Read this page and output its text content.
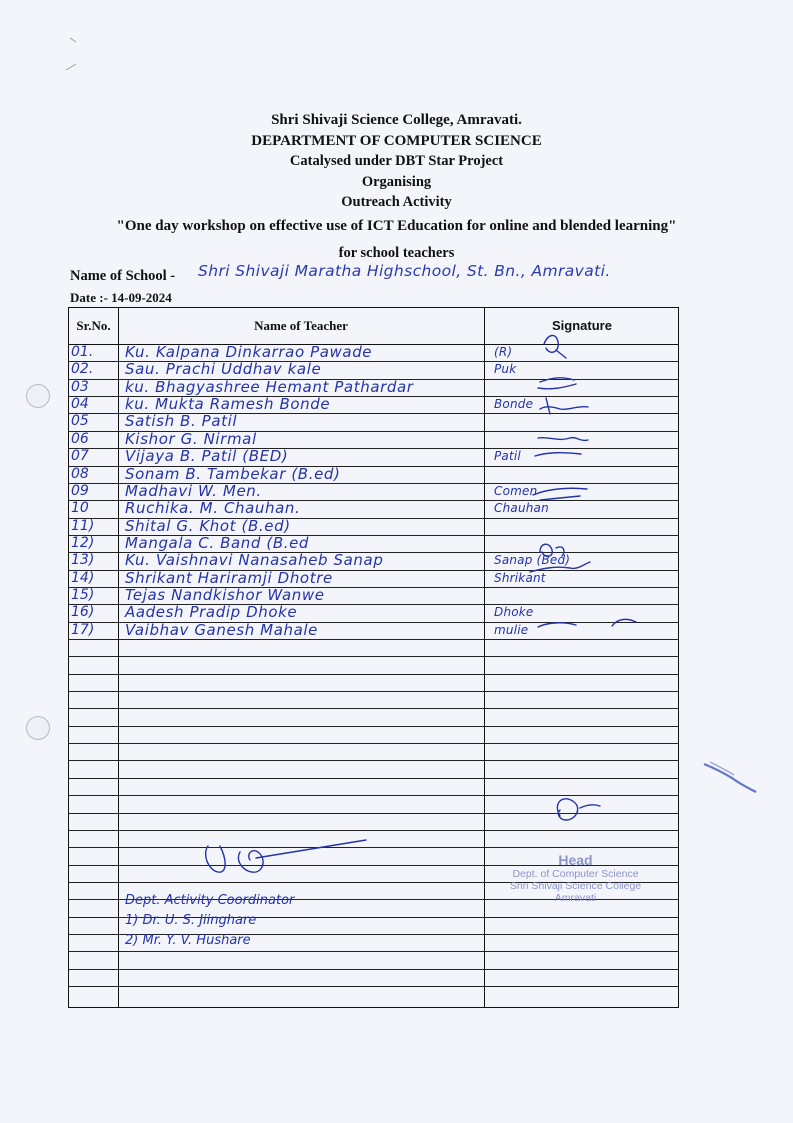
Shri Shivaji Science College, Amravati.
DEPARTMENT OF COMPUTER SCIENCE
Catalysed under DBT Star Project
Organising
Outreach Activity
"One day workshop on effective use of ICT Education for online and blended learning"
for school teachers
Name of School - Shri Shivaji Maratha Highschool, St. Bn., Amravati.
Date :- 14-09-2024
Sr.No.	Name of Teacher	Signature
01.	Ku. Kalpana Dinkarrao Pawade	(R)
02.	Sau. Prachi Uddhav kale	Puk
03	ku. Bhagyashree Hemant Pathardar
04	ku. Mukta Ramesh Bonde	Bonde
05	Satish B. Patil
06	Kishor G. Nirmal
07	Vijaya B. Patil (BED)	Patil
08	Sonam B. Tambekar (B.ed)
09	Madhavi W. Men.	Comen
10	Ruchika. M. Chauhan.	Chauhan
11)	Shital G. Khot (B.ed)
12)	Mangala C. Band (B.ed
13)	Ku. Vaishnavi Nanasaheb Sanap	Sanap (Bed)
14)	Shrikant Hariramji Dhotre	Shrikant
15)	Tejas Nandkishor Wanwe
16)	Aadesh Pradip Dhoke	Dhoke
17)	Vaibhav Ganesh Mahale	mulie
Dept. Activity Coordinator
1) Dr. U. S. Jiinghare
2) Mr. Y. V. Hushare
Head
Dept. of Computer Science
Shri Shivaji Science College
Amravati
